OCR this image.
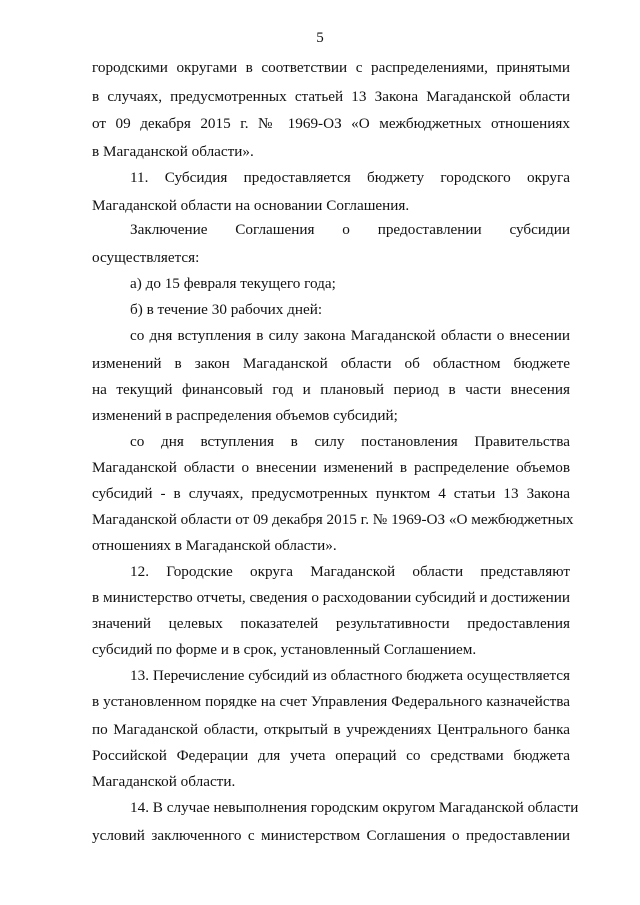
5
городскими округами в соответствии с распределениями, принятыми
в случаях, предусмотренных статьей 13 Закона Магаданской области
от 09 декабря 2015 г. № 1969-ОЗ «О межбюджетных отношениях
в Магаданской области».
11. Субсидия предоставляется бюджету городского округа
Магаданской области на основании Соглашения.
Заключение Соглашения о предоставлении субсидии
осуществляется:
а) до 15 февраля текущего года;
б) в течение 30 рабочих дней:
со дня вступления в силу закона Магаданской области о внесении
изменений в закон Магаданской области об областном бюджете
на текущий финансовый год и плановый период в части внесения
изменений в распределения объемов субсидий;
со дня вступления в силу постановления Правительства
Магаданской области о внесении изменений в распределение объемов
субсидий - в случаях, предусмотренных пунктом 4 статьи 13 Закона
Магаданской области от 09 декабря 2015 г. № 1969-ОЗ «О межбюджетных
отношениях в Магаданской области».
12. Городские округа Магаданской области представляют
в министерство отчеты, сведения о расходовании субсидий и достижении
значений целевых показателей результативности предоставления
субсидий по форме и в срок, установленный Соглашением.
13. Перечисление субсидий из областного бюджета осуществляется
в установленном порядке на счет Управления Федерального казначейства
по Магаданской области, открытый в учреждениях Центрального банка
Российской Федерации для учета операций со средствами бюджета
Магаданской области.
14. В случае невыполнения городским округом Магаданской области
условий заключенного с министерством Соглашения о предоставлении
